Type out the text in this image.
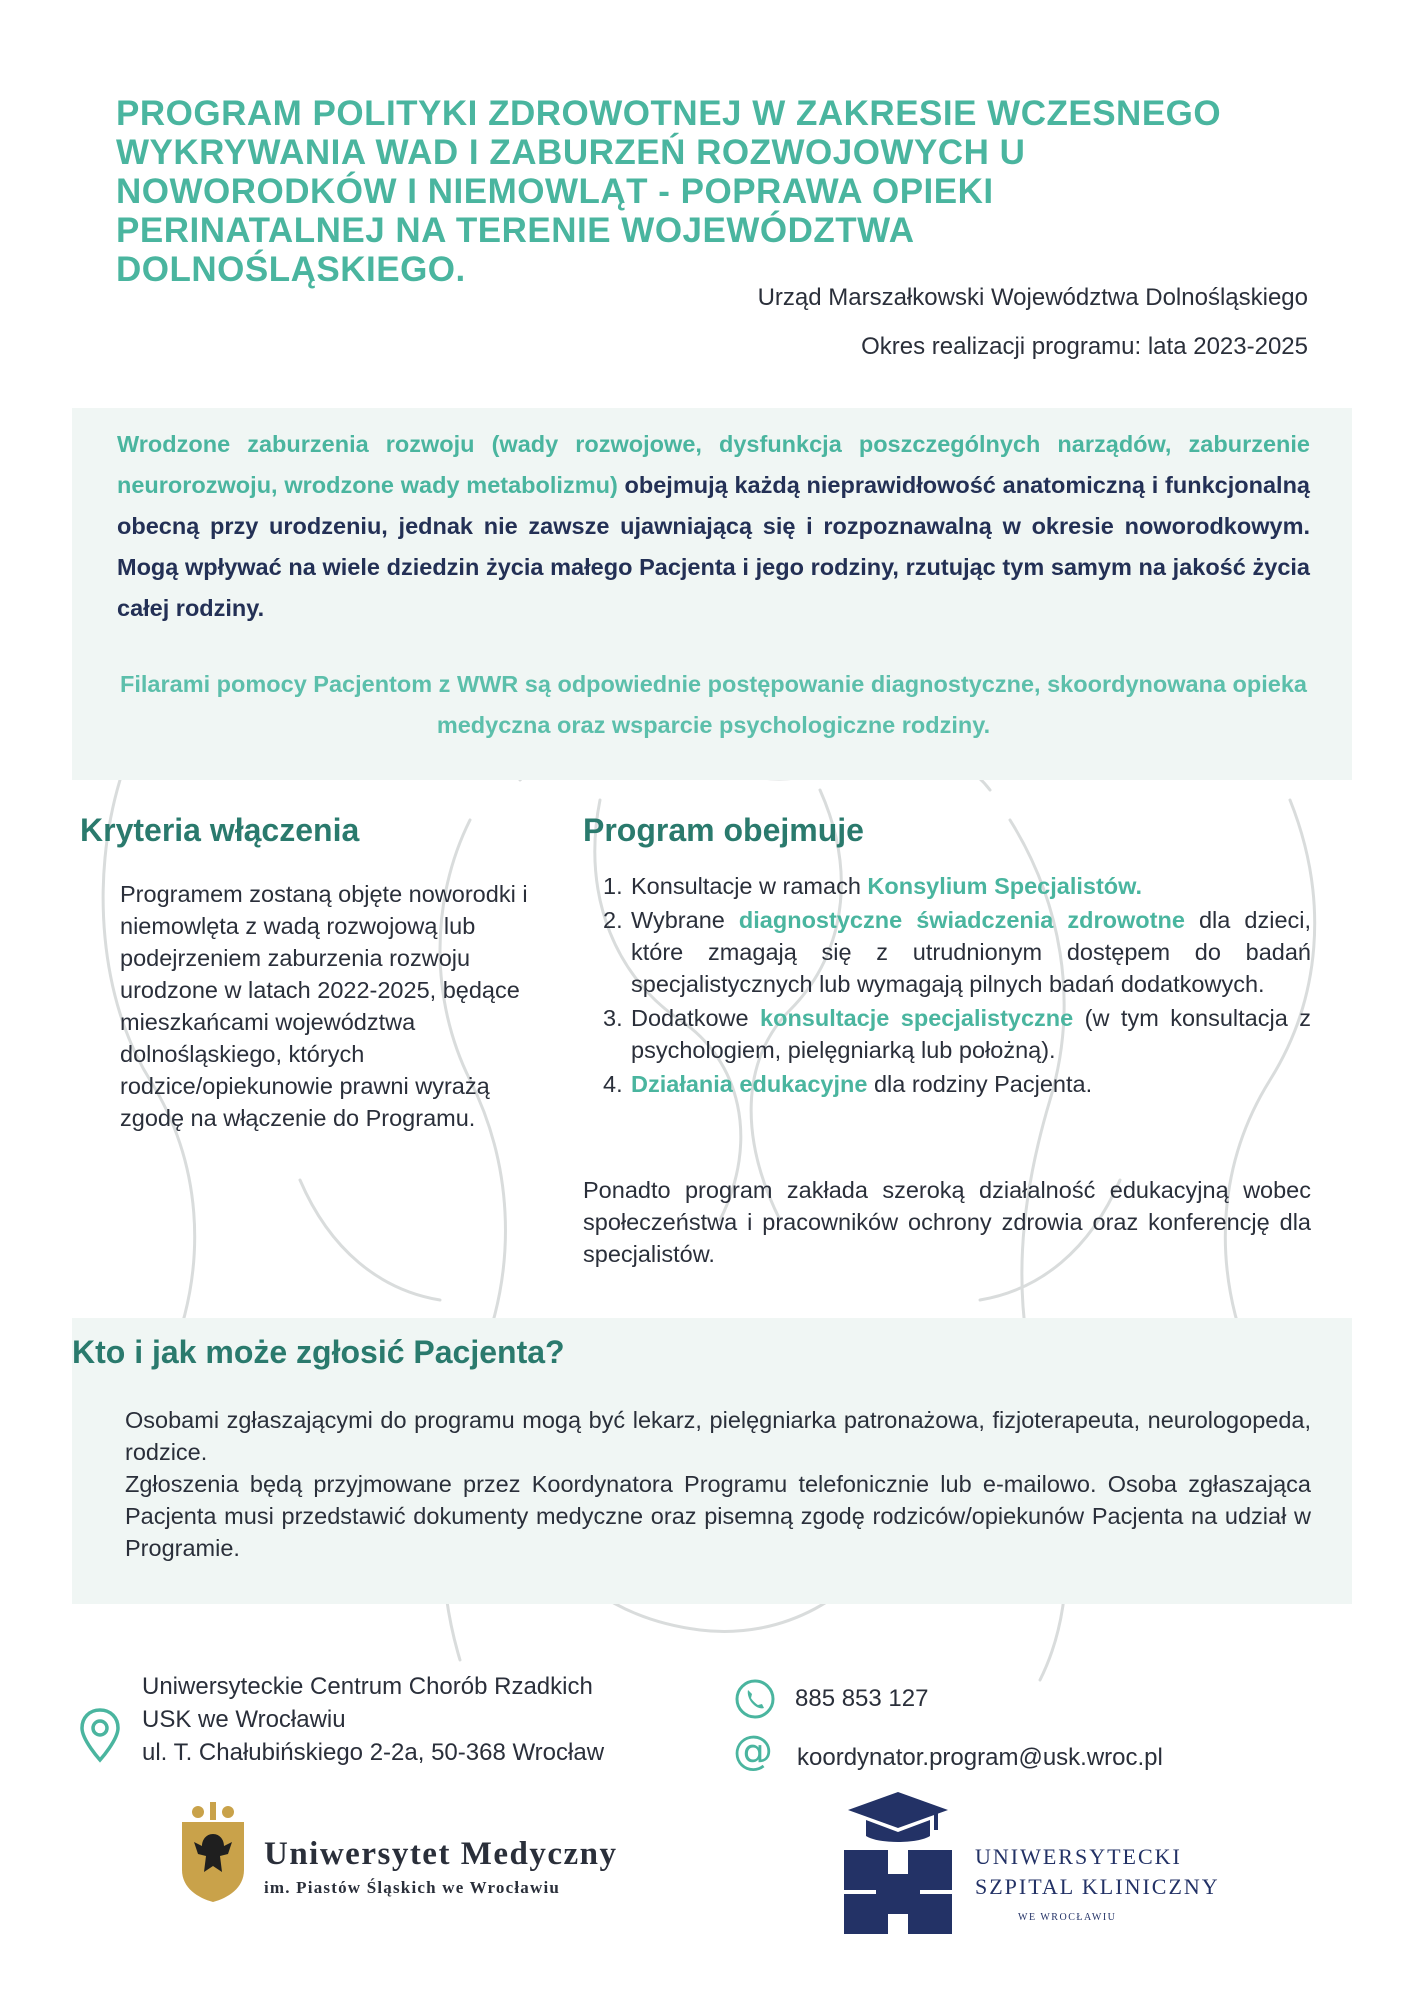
PROGRAM POLITYKI ZDROWOTNEJ W ZAKRESIE WCZESNEGO WYKRYWANIA WAD I ZABURZEŃ ROZWOJOWYCH U NOWORODKÓW I NIEMOWLĄT - POPRAWA OPIEKI PERINATALNEJ NA TERENIE WOJEWÓDZTWA DOLNOŚLĄSKIEGO.
Urząd Marszałkowski Województwa Dolnośląskiego
Okres realizacji programu: lata 2023-2025
Wrodzone zaburzenia rozwoju (wady rozwojowe, dysfunkcja poszczególnych narządów, zaburzenie neurorozwoju, wrodzone wady metabolizmu) obejmują każdą nieprawidłowość anatomiczną i funkcjonalną obecną przy urodzeniu, jednak nie zawsze ujawniającą się i rozpoznawalną w okresie noworodkowym. Mogą wpływać na wiele dziedzin życia małego Pacjenta i jego rodziny, rzutując tym samym na jakość życia całej rodziny.
Filarami pomocy Pacjentom z WWR są odpowiednie postępowanie diagnostyczne, skoordynowana opieka medyczna oraz wsparcie psychologiczne rodziny.
Kryteria włączenia
Programem zostaną objęte noworodki i niemowlęta z wadą rozwojową lub podejrzeniem zaburzenia rozwoju urodzone w latach 2022-2025, będące mieszkańcami województwa dolnośląskiego, których rodzice/opiekunowie prawni wyrażą zgodę na włączenie do Programu.
Program obejmuje
1. Konsultacje w ramach Konsylium Specjalistów.
2. Wybrane diagnostyczne świadczenia zdrowotne dla dzieci, które zmagają się z utrudnionym dostępem do badań specjalistycznych lub wymagają pilnych badań dodatkowych.
3. Dodatkowe konsultacje specjalistyczne (w tym konsultacja z psychologiem, pielęgniarką lub położną).
4. Działania edukacyjne dla rodziny Pacjenta.
Ponadto program zakłada szeroką działalność edukacyjną wobec społeczeństwa i pracowników ochrony zdrowia oraz konferencję dla specjalistów.
Kto i jak może zgłosić Pacjenta?
Osobami zgłaszającymi do programu mogą być lekarz, pielęgniarka patronażowa, fizjoterapeuta, neurologopeda, rodzice.
Zgłoszenia będą przyjmowane przez Koordynatora Programu telefonicznie lub e-mailowo. Osoba zgłaszająca Pacjenta musi przedstawić dokumenty medyczne oraz pisemną zgodę rodziców/opiekunów Pacjenta na udział w Programie.
Uniwersyteckie Centrum Chorób Rzadkich
USK we Wrocławiu
ul. T. Chałubińskiego 2-2a, 50-368 Wrocław
885 853 127
@ koordynator.program@usk.wroc.pl
Uniwersytet Medyczny
im. Piastów Śląskich we Wrocławiu
UNIWERSYTECKI
SZPITAL KLINICZNY
WE WROCŁAWIU
